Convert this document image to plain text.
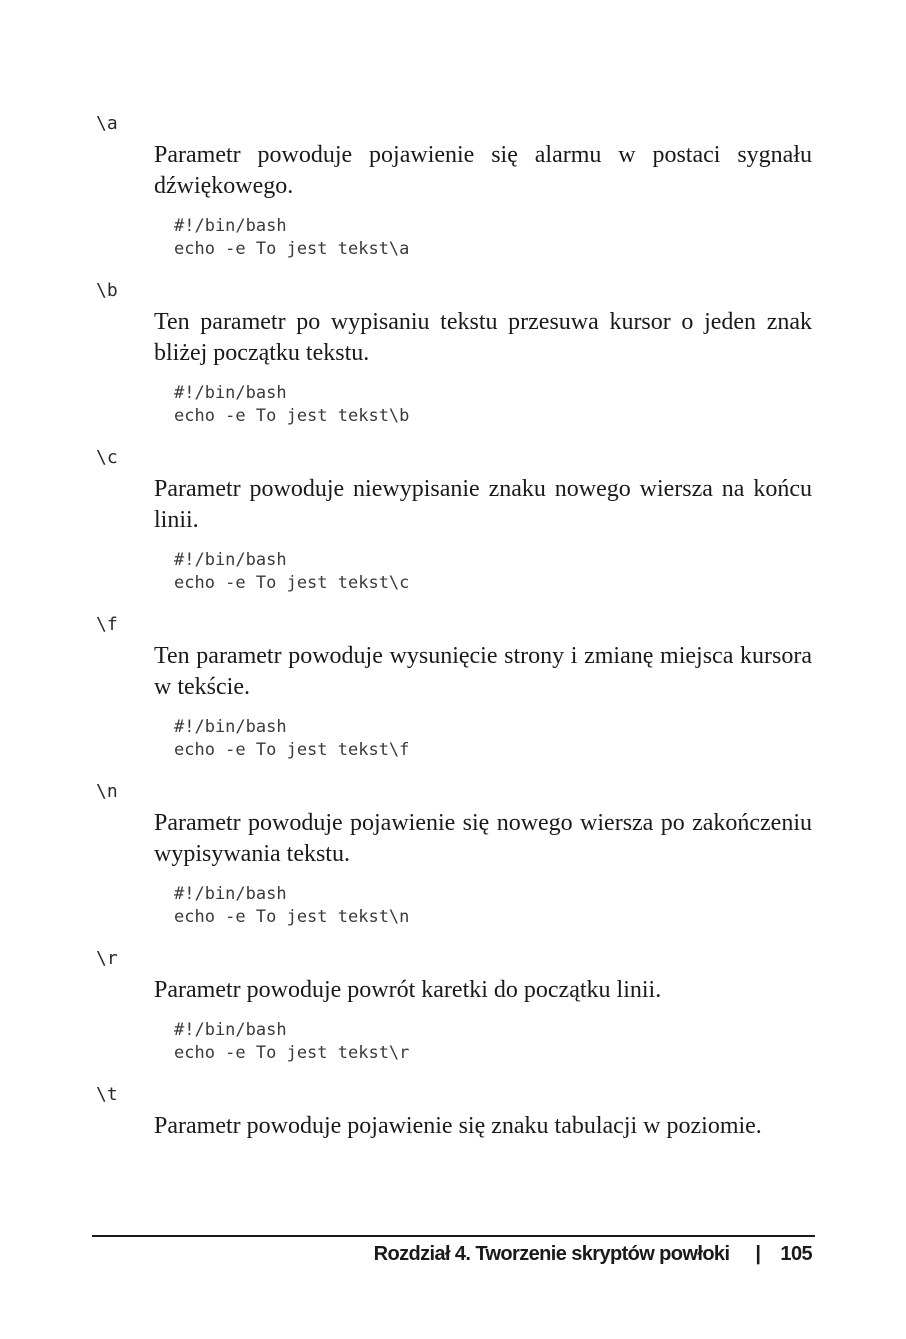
\a
Parametr powoduje pojawienie się alarmu w postaci sygnału dźwiękowego.
#!/bin/bash
echo -e To jest tekst\a
\b
Ten parametr po wypisaniu tekstu przesuwa kursor o jeden znak bliżej początku tekstu.
#!/bin/bash
echo -e To jest tekst\b
\c
Parametr powoduje niewypisanie znaku nowego wiersza na końcu linii.
#!/bin/bash
echo -e To jest tekst\c
\f
Ten parametr powoduje wysunięcie strony i zmianę miejsca kursora w tekście.
#!/bin/bash
echo -e To jest tekst\f
\n
Parametr powoduje pojawienie się nowego wiersza po zakończeniu wypisywania tekstu.
#!/bin/bash
echo -e To jest tekst\n
\r
Parametr powoduje powrót karetki do początku linii.
#!/bin/bash
echo -e To jest tekst\r
\t
Parametr powoduje pojawienie się znaku tabulacji w poziomie.
Rozdział 4. Tworzenie skryptów powłoki | 105
